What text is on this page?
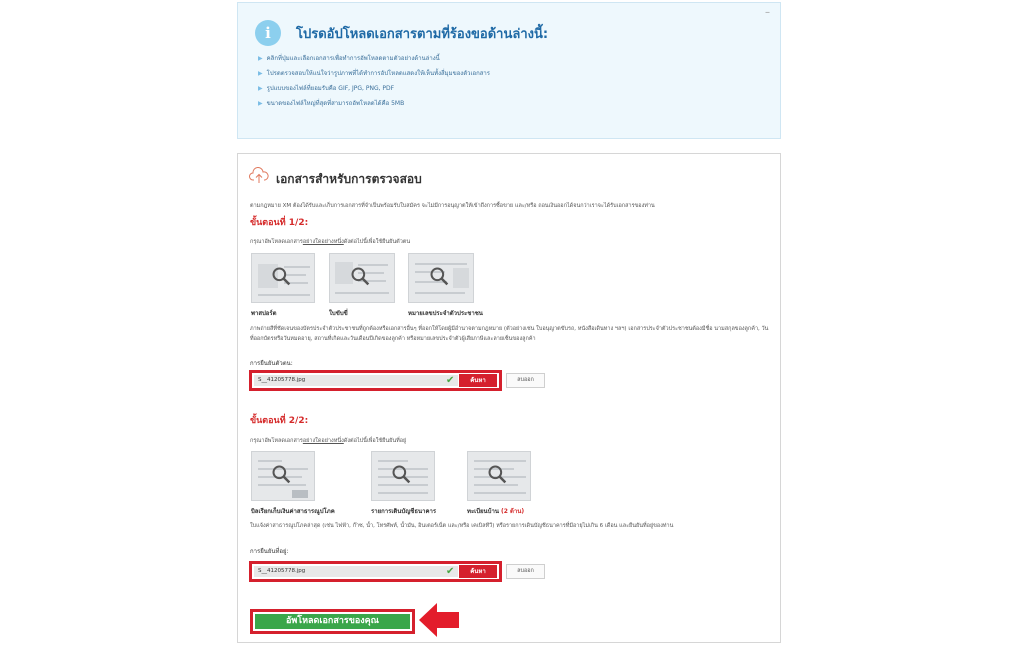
–
i	โปรดอัปโหลดเอกสารตามที่ร้องขอด้านล่างนี้:
▶ คลิกที่ปุ่มและเลือกเอกสารเพื่อทำการอัพโหลดตามตัวอย่างด้านล่างนี้
▶ โปรดตรวจสอบให้แน่ใจว่ารูปภาพที่ได้ทำการอัปโหลดแสดงให้เห็นทั้งสี่มุมของตัวเอกสาร
▶ รูปแบบของไฟล์ที่ยอมรับคือ GIF, JPG, PNG, PDF
▶ ขนาดของไฟล์ใหญ่ที่สุดที่สามารถอัพโหลดได้คือ 5MB
เอกสารสำหรับการตรวจสอบ
ตามกฎหมาย XM ต้องได้รับและเก็บการเอกสารที่จำเป็นพร้อมรับใบสมัคร จะไม่มีการอนุญาตให้เข้าถึงการซื้อขาย และ/หรือ ถอนเงินออกได้จนกว่าเราจะได้รับเอกสารของท่าน
ขั้นตอนที่ 1/2:
กรุณาอัพโหลดเอกสารอย่างใดอย่างหนึ่งดังต่อไปนี้เพื่อใช้ยืนยันตัวตน
พาสปอร์ต	ใบขับขี่	หมายเลขประจำตัวประชาชน
ภาพถ่ายสีที่ชัดเจนของบัตรประจำตัวประชาชนที่ถูกต้องหรือเอกสารอื่นๆ ที่ออกให้โดยผู้มีอำนาจตามกฎหมาย (ตัวอย่างเช่น ใบอนุญาตขับรถ, หนังสือเดินทาง ฯลฯ) เอกสารประจำตัวประชาชนต้องมีชื่อ นามสกุลของลูกค้า, วันที่ออกบัตรหรือวันหมดอายุ, สถานที่เกิดและวันเดือนปีเกิดของลูกค้า หรือหมายเลขประจำตัวผู้เสียภาษีและลายเซ็นของลูกค้า
การยืนยันตัวตน:
S__41205778.jpg	✔	ค้นหา	ลบออก
ขั้นตอนที่ 2/2:
กรุณาอัพโหลดเอกสารอย่างใดอย่างหนึ่งดังต่อไปนี้เพื่อใช้ยืนยันที่อยู่
บิลเรียกเก็บเงินค่าสาธารณูปโภค	รายการเดินบัญชีธนาคาร	ทะเบียนบ้าน (2 ด้าน)
ใบแจ้งค่าสาธารณูปโภคล่าสุด (เช่น ไฟฟ้า, ก๊าซ, น้ำ, โทรศัพท์, น้ำมัน, อินเตอร์เน็ต และ/หรือ เคเบิลทีวี) หรือรายการเดินบัญชีธนาคารที่มีอายุไม่เกิน 6 เดือน และยืนยันที่อยู่ของท่าน
การยืนยันที่อยู่:
S__41205778.jpg	✔	ค้นหา	ลบออก
อัพโหลดเอกสารของคุณ
